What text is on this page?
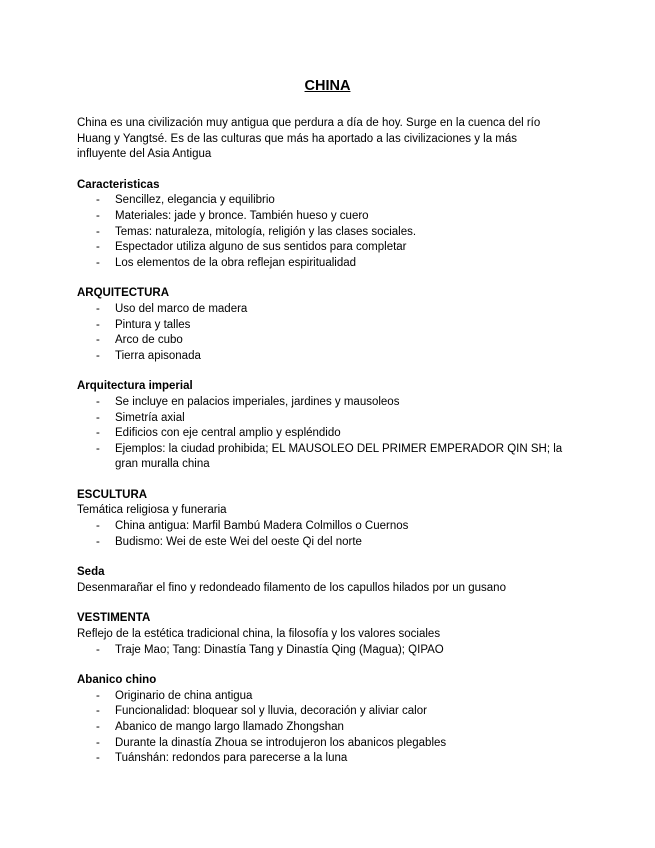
CHINA

China es una civilización muy antigua que perdura a día de hoy. Surge en la cuenca del río

Huang y Yangtsé. Es de las culturas que más ha aportado a las civilizaciones y la más

influyente del Asia Antigua

Caracteristicas

- Sencillez, elegancia y equilibrio
- Materiales: jade y bronce. También hueso y cuero
- Temas: naturaleza, mitología, religión y las clases sociales.
- Espectador utiliza alguno de sus sentidos para completar
- Los elementos de la obra reflejan espiritualidad

ARQUITECTURA

- Uso del marco de madera
- Pintura y talles
- Arco de cubo
- Tierra apisonada

Arquitectura imperial

- Se incluye en palacios imperiales, jardines y mausoleos
- Simetría axial
- Edificios con eje central amplio y espléndido
- Ejemplos: la ciudad prohibida; EL MAUSOLEO DEL PRIMER EMPERADOR QIN SH; la gran muralla china

ESCULTURA

Temática religiosa y funeraria

- China antigua: Marfil Bambú Madera Colmillos o Cuernos
- Budismo: Wei de este Wei del oeste Qi del norte

Seda

Desenmarañar el fino y redondeado filamento de los capullos hilados por un gusano

VESTIMENTA

Reflejo de la estética tradicional china, la filosofía y los valores sociales

- Traje Mao; Tang: Dinastía Tang y Dinastía Qing (Magua); QIPAO

Abanico chino

- Originario de china antigua
- Funcionalidad: bloquear sol y lluvia, decoración y aliviar calor
- Abanico de mango largo llamado Zhongshan
- Durante la dinastía Zhoua se introdujeron los abanicos plegables
- Tuánshán: redondos para parecerse a la luna
